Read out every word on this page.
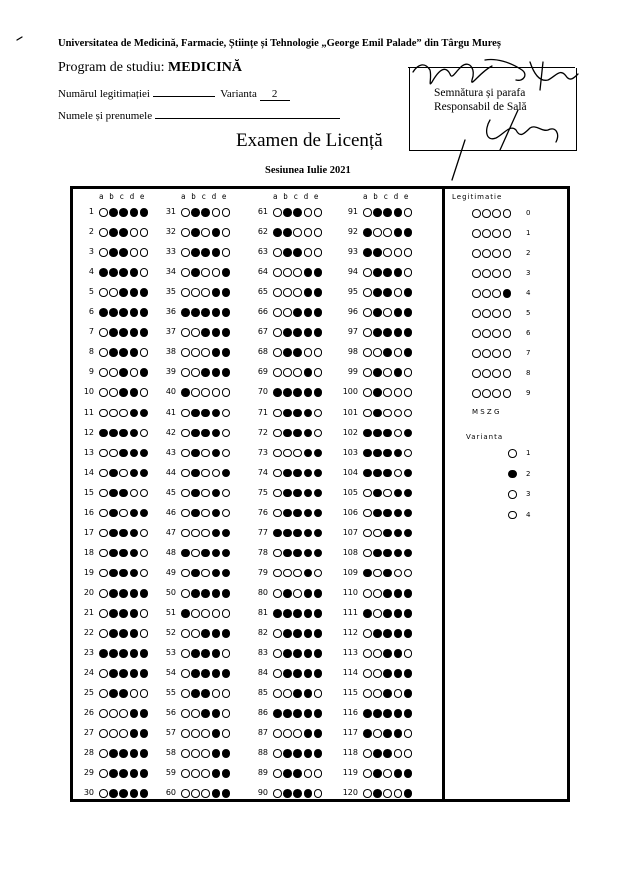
Universitatea de Medicină, Farmacie, Științe și Tehnologie „George Emil Palade” din Târgu Mureș
Program de studiu: MEDICINĂ
Numărul legitimației	Varianta 2
Numele și prenumele
Semnătura și parafa
Responsabil de Sală
Examen de Licență
Sesiunea Iulie 2021
a b c d e
1
2
3
4
5
6
7
8
9
10
11
12
13
14
15
16
17
18
19
20
21
22
23
24
25
26
27
28
29
30
a b c d e
31
32
33
34
35
36
37
38
39
40
41
42
43
44
45
46
47
48
49
50
51
52
53
54
55
56
57
58
59
60
a b c d e
61
62
63
64
65
66
67
68
69
70
71
72
73
74
75
76
77
78
79
80
81
82
83
84
85
86
87
88
89
90
a b c d e
91
92
93
94
95
96
97
98
99
100
101
102
103
104
105
106
107
108
109
110
111
112
113
114
115
116
117
118
119
120
Legitimatie
0
1
2
3
4
5
6
7
8
9
M S Z G
Varianta
1
2
3
4
